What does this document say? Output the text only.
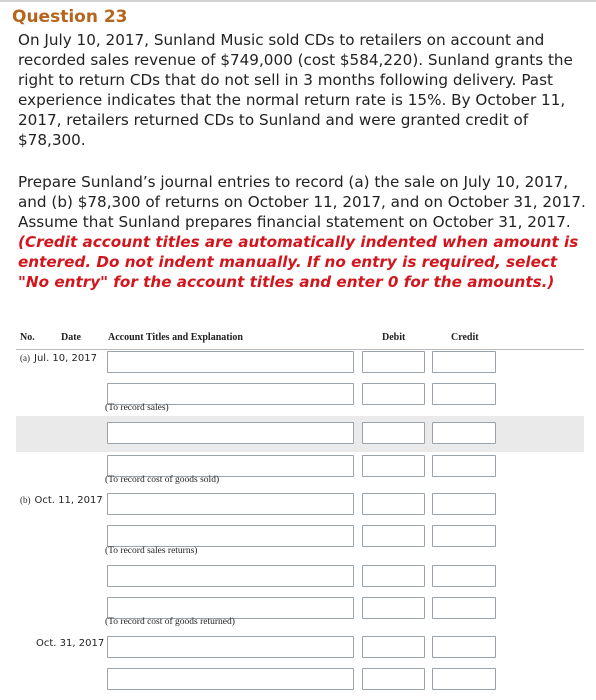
Question 23
On July 10, 2017, Sunland Music sold CDs to retailers on account and recorded sales revenue of $749,000 (cost $584,220). Sunland grants the right to return CDs that do not sell in 3 months following delivery. Past experience indicates that the normal return rate is 15%. By October 11, 2017, retailers returned CDs to Sunland and were granted credit of $78,300.
Prepare Sunland’s journal entries to record (a) the sale on July 10, 2017, and (b) $78,300 of returns on October 11, 2017, and on October 31, 2017. Assume that Sunland prepares financial statement on October 31, 2017. (Credit account titles are automatically indented when amount is entered. Do not indent manually. If no entry is required, select "No entry" for the account titles and enter 0 for the amounts.)
No.	Date	Account Titles and Explanation	Debit	Credit
(a) Jul. 10, 2017
(To record sales)
(To record cost of goods sold)
(b) Oct. 11, 2017
(To record sales returns)
(To record cost of goods returned)
Oct. 31, 2017
